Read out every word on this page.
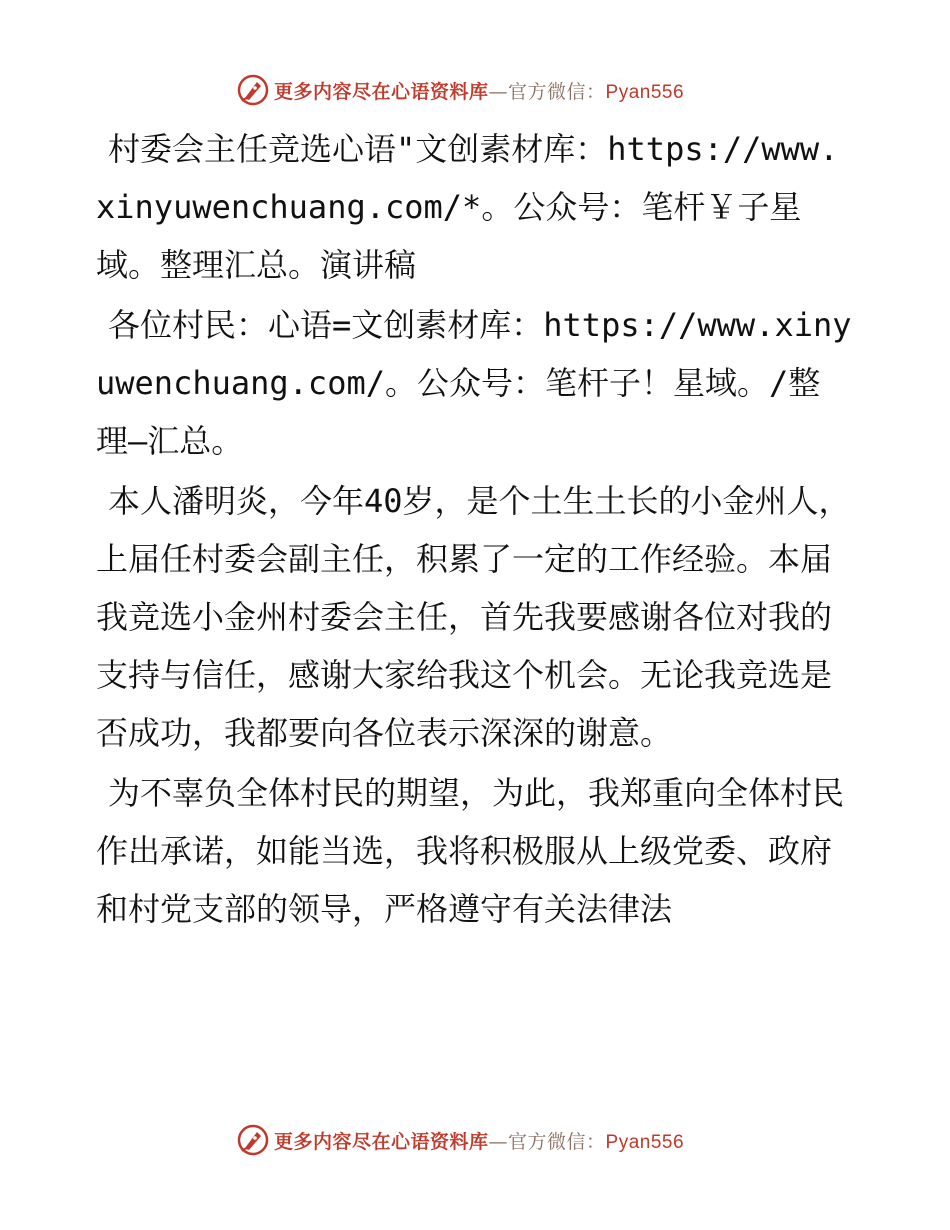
更多内容尽在心语资料库—官方微信：Pyan556

村委会主任竞选心语"文创素材库：https://www.xinyuwenchuang.com/*。公众号：笔杆￥子星域。整理汇总。演讲稿

各位村民：心语=文创素材库：https://www.xinyuwenchuang.com/。公众号：笔杆子！星域。/整理—汇总。

本人潘明炎，今年40岁，是个土生土长的小金州人，上届任村委会副主任，积累了一定的工作经验。本届我竞选小金州村委会主任，首先我要感谢各位对我的支持与信任，感谢大家给我这个机会。无论我竞选是否成功，我都要向各位表示深深的谢意。

为不辜负全体村民的期望，为此，我郑重向全体村民作出承诺，如能当选，我将积极服从上级党委、政府和村党支部的领导，严格遵守有关法律法

更多内容尽在心语资料库—官方微信：Pyan556
